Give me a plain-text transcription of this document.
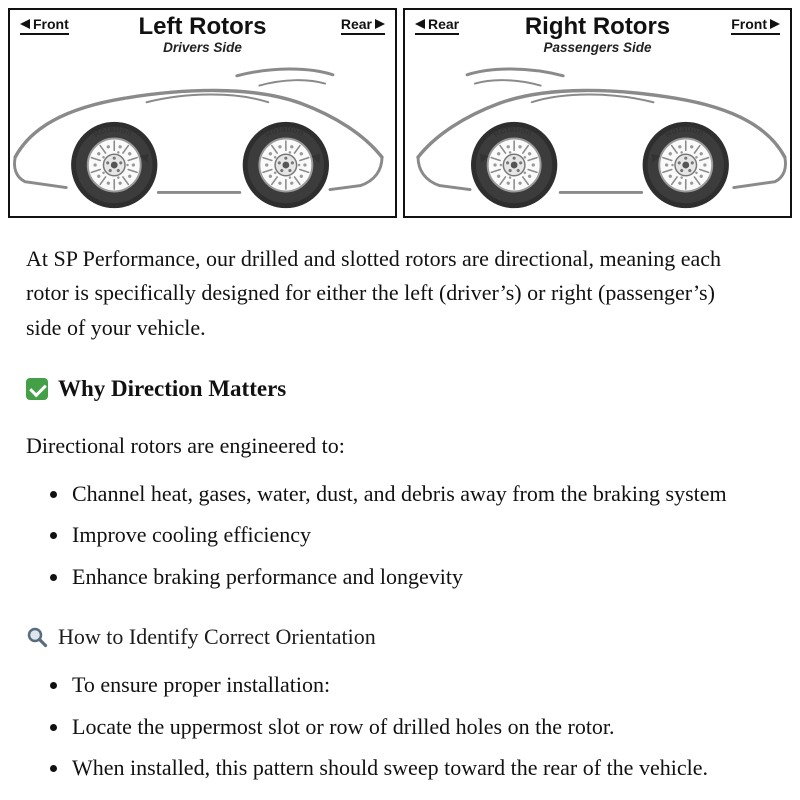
Front	Rear
Left Rotors
Drivers Side
Rotation	Rotation
Rear	Front
Right Rotors
Passengers Side
Rotation	Rotation

At SP Performance, our drilled and slotted rotors are directional, meaning each rotor is specifically designed for either the left (driver’s) or right (passenger’s) side of your vehicle.

Why Direction Matters

Directional rotors are engineered to:

• Channel heat, gases, water, dust, and debris away from the braking system
• Improve cooling efficiency
• Enhance braking performance and longevity
How to Identify Correct Orientation
• To ensure proper installation:
• Locate the uppermost slot or row of drilled holes on the rotor.
• When installed, this pattern should sweep toward the rear of the vehicle.
